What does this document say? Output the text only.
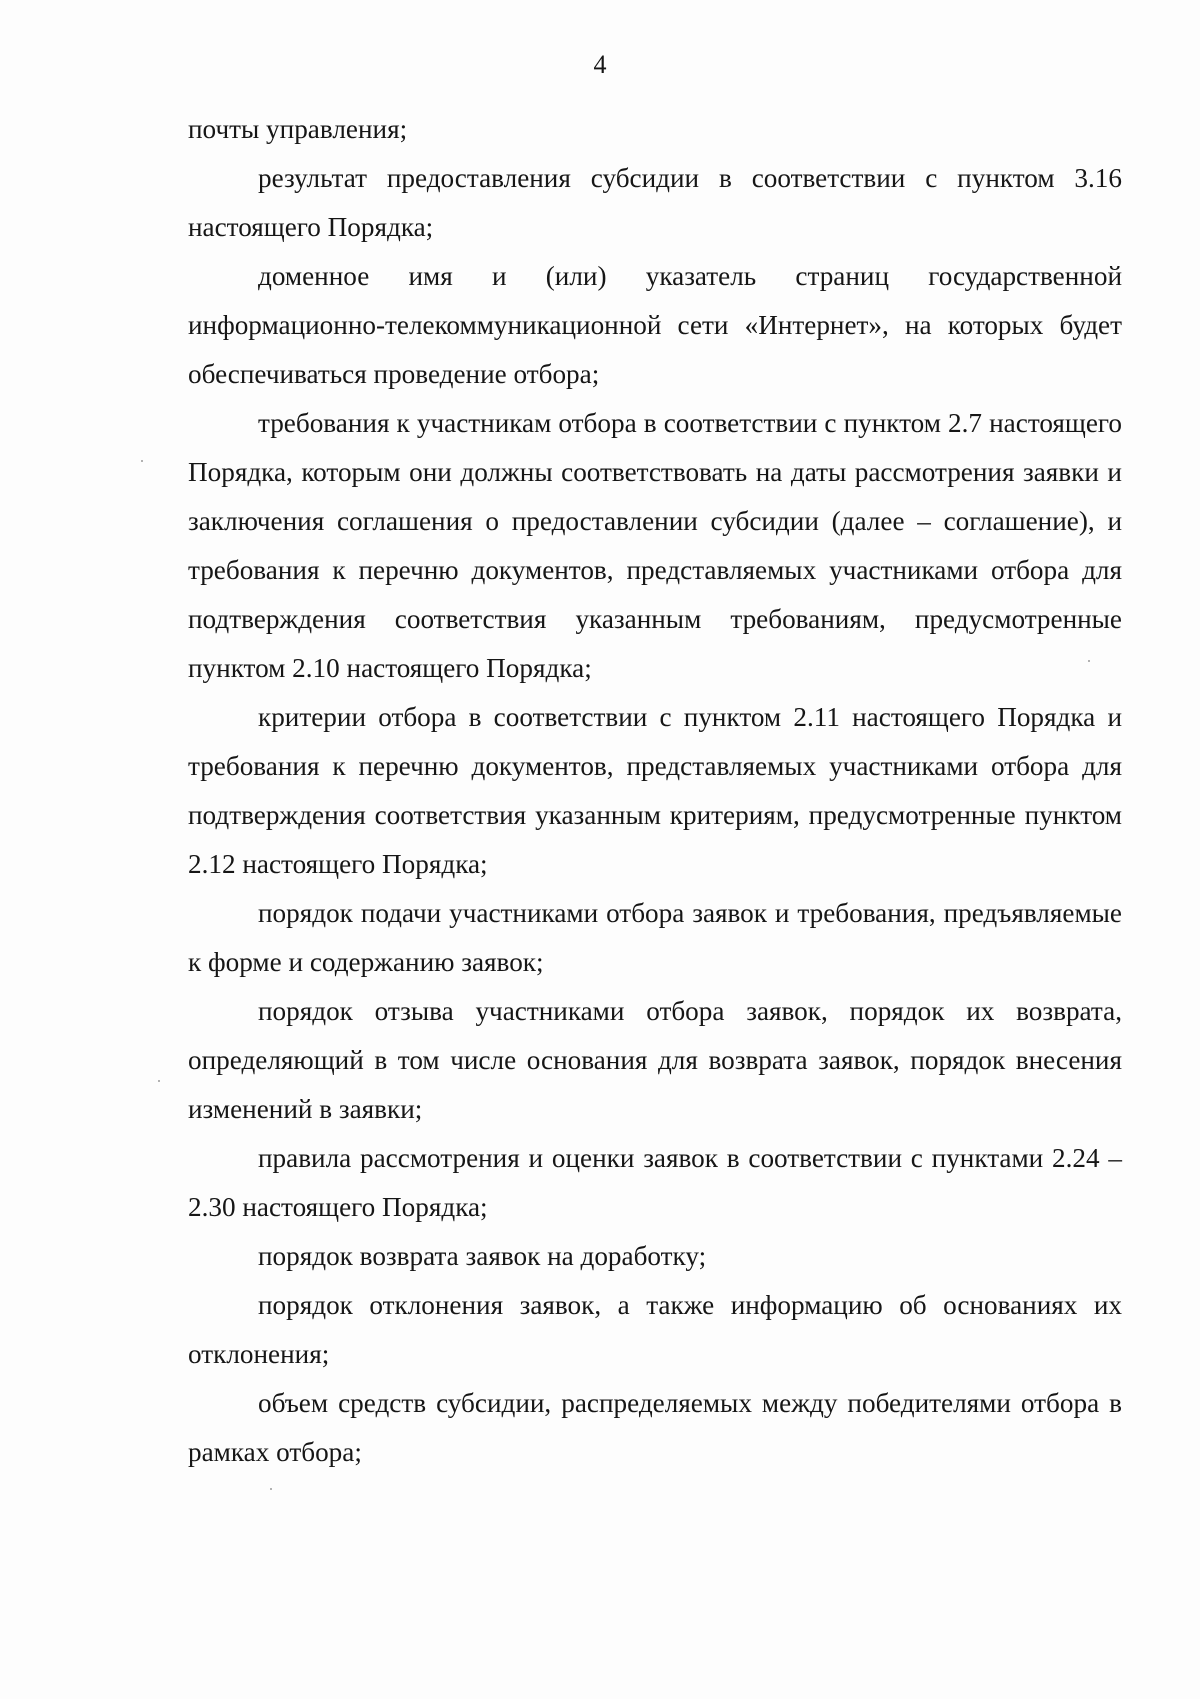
4

почты управления;

результат предоставления субсидии в соответствии с пунктом 3.16 настоящего Порядка;

доменное имя и (или) указатель страниц государственной информационно-телекоммуникационной сети «Интернет», на которых будет обеспечиваться проведение отбора;

требования к участникам отбора в соответствии с пунктом 2.7 настоящего Порядка, которым они должны соответствовать на даты рассмотрения заявки и заключения соглашения о предоставлении субсидии (далее – соглашение), и требования к перечню документов, представляемых участниками отбора для подтверждения соответствия указанным требованиям, предусмотренные пунктом 2.10 настоящего Порядка;

критерии отбора в соответствии с пунктом 2.11 настоящего Порядка и требования к перечню документов, представляемых участниками отбора для подтверждения соответствия указанным критериям, предусмотренные пунктом 2.12 настоящего Порядка;

порядок подачи участниками отбора заявок и требования, предъявляемые к форме и содержанию заявок;

порядок отзыва участниками отбора заявок, порядок их возврата, определяющий в том числе основания для возврата заявок, порядок внесения изменений в заявки;

правила рассмотрения и оценки заявок в соответствии с пунктами 2.24 – 2.30 настоящего Порядка;

порядок возврата заявок на доработку;

порядок отклонения заявок, а также информацию об основаниях их отклонения;

объем средств субсидии, распределяемых между победителями отбора в рамках отбора;
